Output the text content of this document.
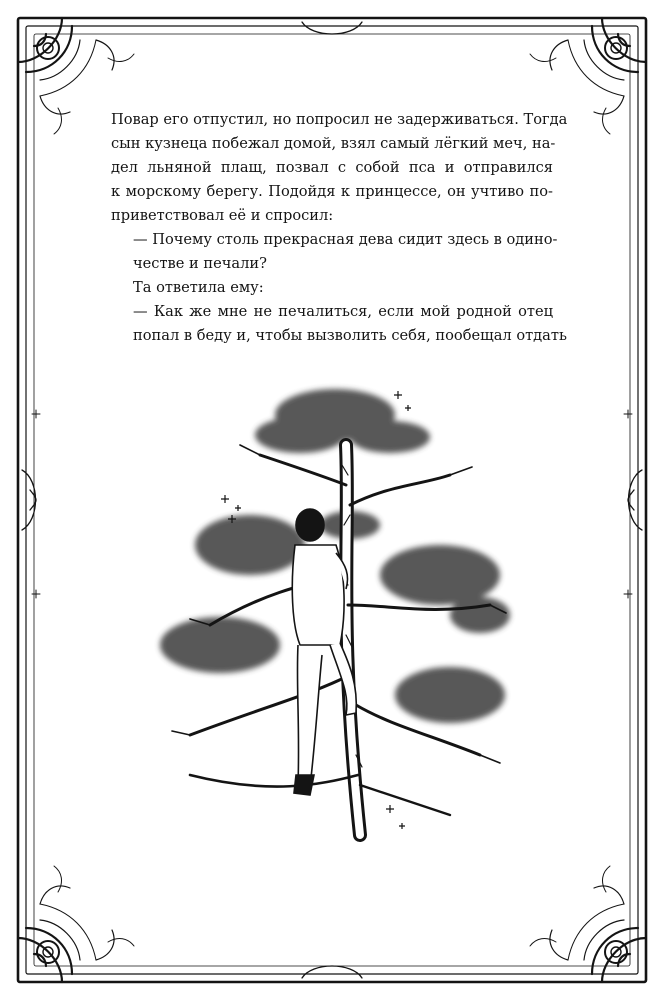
Повар его отпустил, но попросил не задерживаться. Тогда
сын кузнеца побежал домой, взял самый лёгкий меч, на-
дел льняной плащ, позвал с собой пса и отправился
к морскому берегу. Подойдя к принцессе, он учтиво по-
приветствовал её и спросил:
— Почему столь прекрасная дева сидит здесь в одино-
честве и печали?
Та ответила ему:
— Как же мне не печалиться, если мой родной отец
попал в беду и, чтобы вызволить себя, пообещал отдать
